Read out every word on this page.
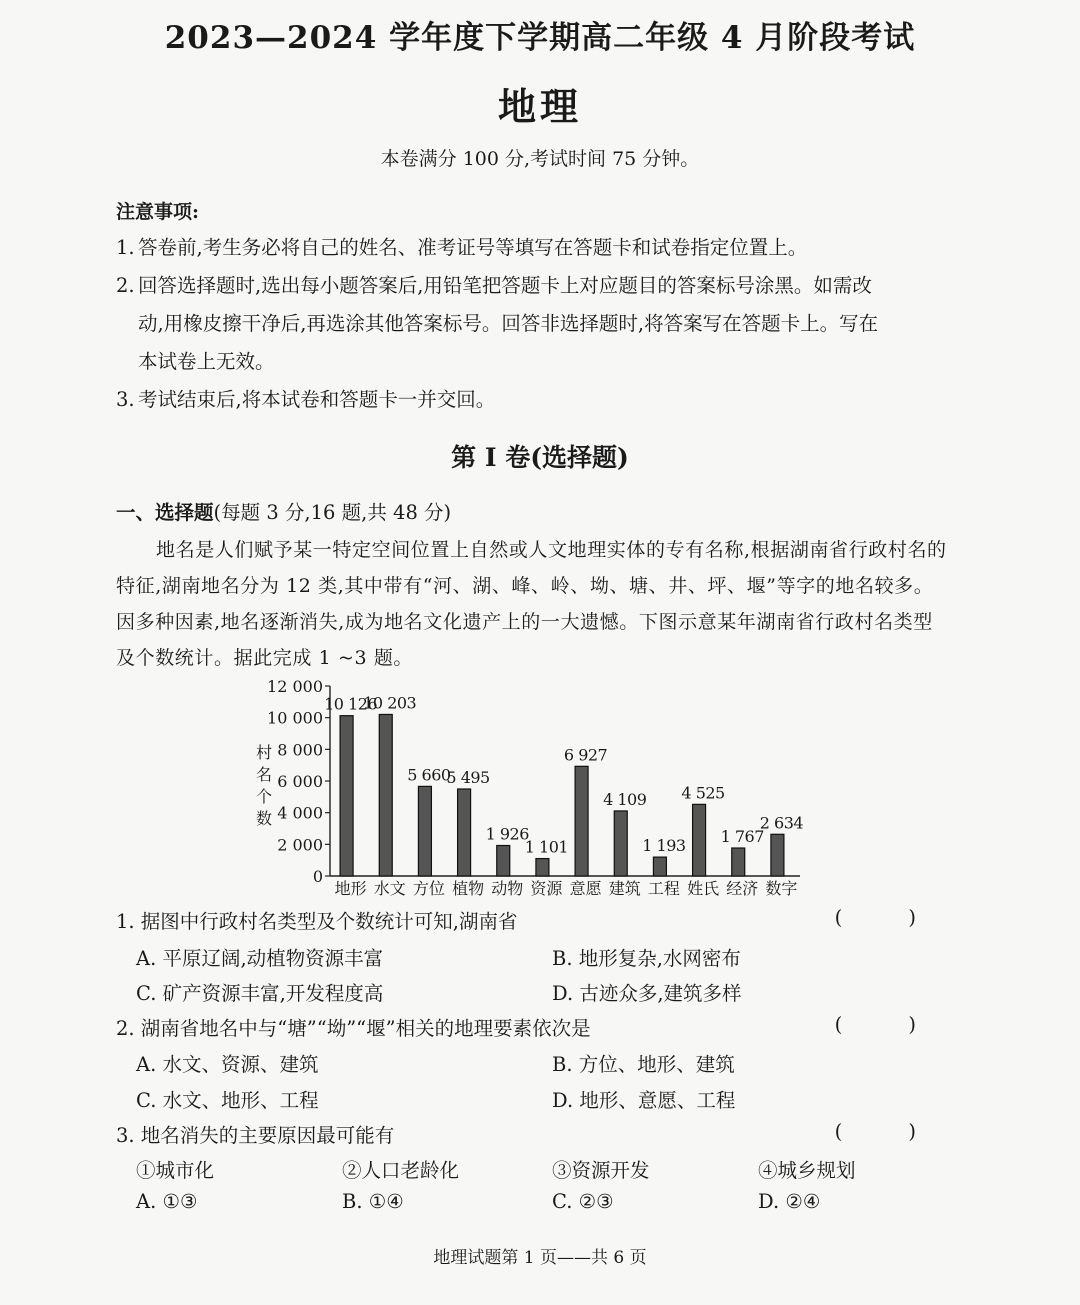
2023—2024 学年度下学期高二年级 4 月阶段考试
地理
本卷满分 100 分,考试时间 75 分钟。
注意事项:
1. 答卷前,考生务必将自己的姓名、准考证号等填写在答题卡和试卷指定位置上。
2. 回答选择题时,选出每小题答案后,用铅笔把答题卡上对应题目的答案标号涂黑。如需改
动,用橡皮擦干净后,再选涂其他答案标号。回答非选择题时,将答案写在答题卡上。写在
本试卷上无效。
3. 考试结束后,将本试卷和答题卡一并交回。
第 I 卷(选择题)
一、选择题(每题 3 分,16 题,共 48 分)
地名是人们赋予某一特定空间位置上自然或人文地理实体的专有名称,根据湖南省行政村名的特征,湖南地名分为 12 类,其中带有“河、湖、峰、岭、坳、塘、井、坪、堰”等字的地名较多。因多种因素,地名逐渐消失,成为地名文化遗产上的一大遗憾。下图示意某年湖南省行政村名类型及个数统计。据此完成 1 ~3 题。
0
2 000
4 000
6 000
8 000
10 000
12 000
村
名
个
数
10 126
地形
10 203
水文
5 660
方位
5 495
植物
1 926
动物
1 101
资源
6 927
意愿
4 109
建筑
1 193
工程
4 525
姓氏
1 767
经济
2 634
数字
1. 据图中行政村名类型及个数统计可知,湖南省	( )
A. 平原辽阔,动植物资源丰富	B. 地形复杂,水网密布
C. 矿产资源丰富,开发程度高	D. 古迹众多,建筑多样
2. 湖南省地名中与“塘”“坳”“堰”相关的地理要素依次是	( )
A. 水文、资源、建筑	B. 方位、地形、建筑
C. 水文、地形、工程	D. 地形、意愿、工程
3. 地名消失的主要原因最可能有	( )
①城市化	②人口老龄化	③资源开发	④城乡规划
A. ①③	B. ①④	C. ②③	D. ②④
地理试题第 1 页——共 6 页
